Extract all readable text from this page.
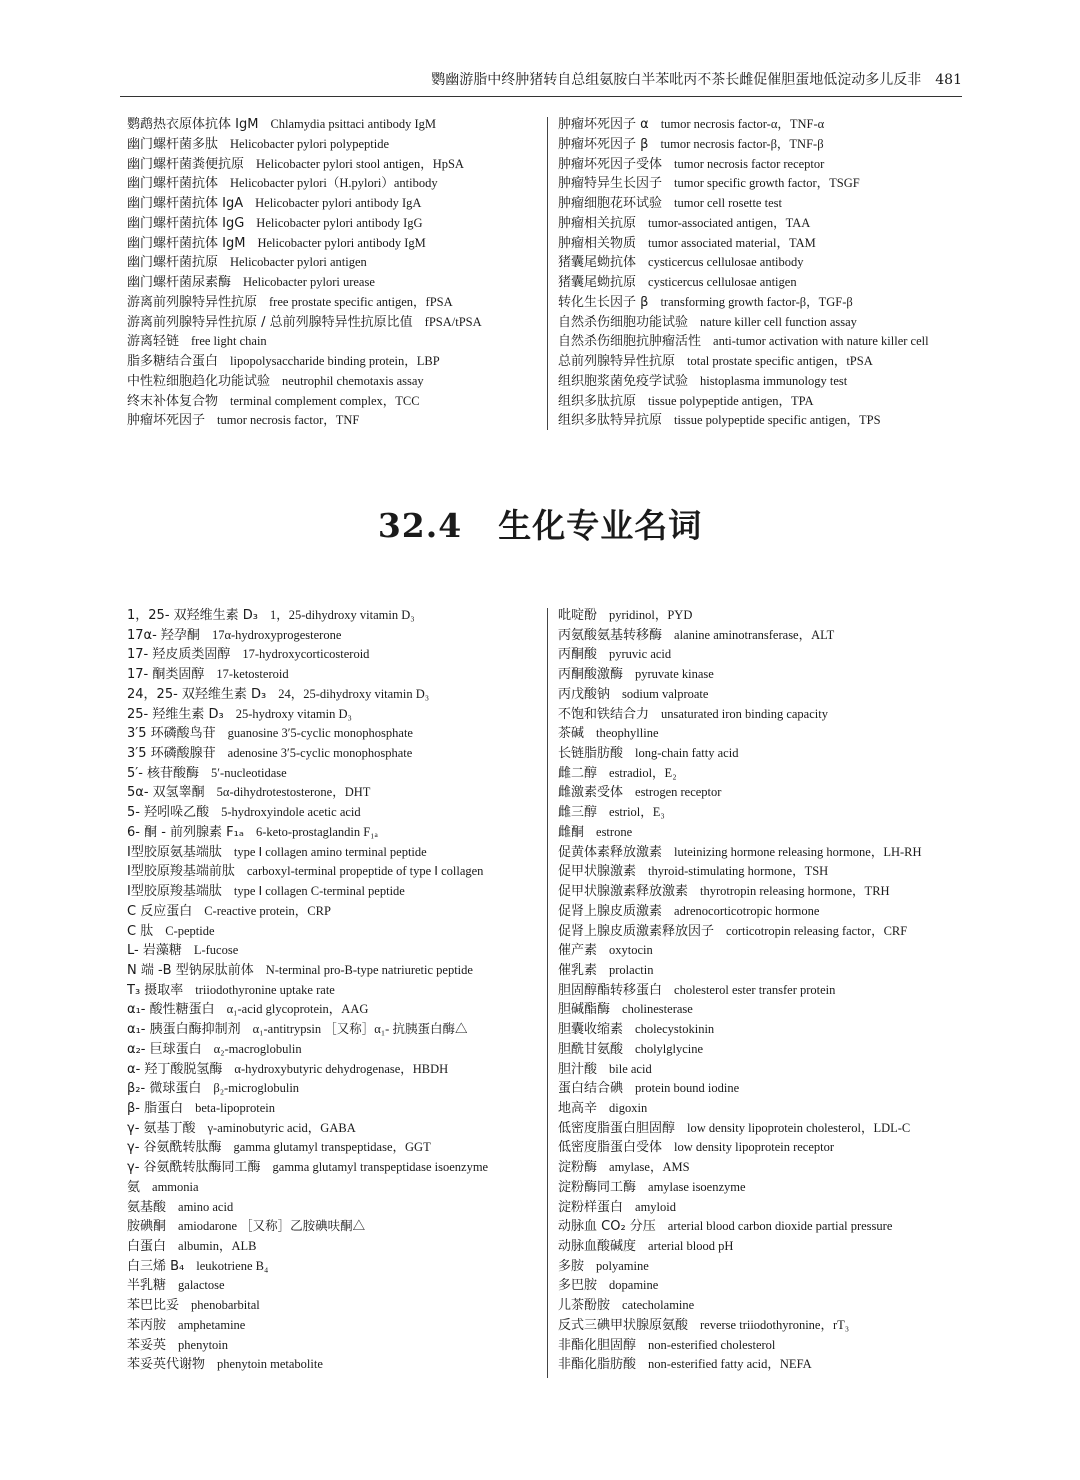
鹦幽游脂中终肿猪转自总组氨胺白半苯吡丙不茶长雌促催胆蛋地低淀动多儿反非 481
鹦鹉热衣原体抗体 IgM Chlamydia psittaci antibody IgM
幽门螺杆菌多肽 Helicobacter pylori polypeptide
幽门螺杆菌粪便抗原 Helicobacter pylori stool antigen，HpSA
幽门螺杆菌抗体 Helicobacter pylori（H.pylori）antibody
幽门螺杆菌抗体 IgA Helicobacter pylori antibody IgA
幽门螺杆菌抗体 IgG Helicobacter pylori antibody IgG
幽门螺杆菌抗体 IgM Helicobacter pylori antibody IgM
幽门螺杆菌抗原 Helicobacter pylori antigen
幽门螺杆菌尿素酶 Helicobacter pylori urease
游离前列腺特异性抗原 free prostate specific antigen，fPSA
游离前列腺特异性抗原 / 总前列腺特异性抗原比值 fPSA/tPSA
游离轻链 free light chain
脂多糖结合蛋白 lipopolysaccharide binding protein，LBP
中性粒细胞趋化功能试验 neutrophil chemotaxis assay
终末补体复合物 terminal complement complex，TCC
肿瘤坏死因子 tumor necrosis factor，TNF
肿瘤坏死因子 α tumor necrosis factor-α，TNF-α
肿瘤坏死因子 β tumor necrosis factor-β，TNF-β
肿瘤坏死因子受体 tumor necrosis factor receptor
肿瘤特异生长因子 tumor specific growth factor，TSGF
肿瘤细胞花环试验 tumor cell rosette test
肿瘤相关抗原 tumor-associated antigen，TAA
肿瘤相关物质 tumor associated material，TAM
猪囊尾蚴抗体 cysticercus cellulosae antibody
猪囊尾蚴抗原 cysticercus cellulosae antigen
转化生长因子 β transforming growth factor-β，TGF-β
自然杀伤细胞功能试验 nature killer cell function assay
自然杀伤细胞抗肿瘤活性 anti-tumor activation with nature killer cell
总前列腺特异性抗原 total prostate specific antigen，tPSA
组织胞浆菌免疫学试验 histoplasma immunology test
组织多肽抗原 tissue polypeptide antigen，TPA
组织多肽特异抗原 tissue polypeptide specific antigen，TPS
32.4 生化专业名词
1，25- 双羟维生素 D₃ 1，25-dihydroxy vitamin D₃
17α- 羟孕酮 17α-hydroxyprogesterone
17- 羟皮质类固醇 17-hydroxycorticosteroid
17- 酮类固醇 17-ketosteroid
24，25- 双羟维生素 D₃ 24，25-dihydroxy vitamin D₃
25- 羟维生素 D₃ 25-hydroxy vitamin D₃
3′5 环磷酸鸟苷 guanosine 3′5-cyclic monophosphate
3′5 环磷酸腺苷 adenosine 3′5-cyclic monophosphate
5′- 核苷酸酶 5′-nucleotidase
5α- 双氢睾酮 5α-dihydrotestosterone，DHT
5- 羟吲哚乙酸 5-hydroxyindole acetic acid
6- 酮 - 前列腺素 F₁ₐ 6-keto-prostaglandin F₁ₐ
Ⅰ型胶原氨基端肽 type Ⅰ collagen amino terminal peptide
Ⅰ型胶原羧基端前肽 carboxyl-terminal propeptide of type Ⅰ collagen
Ⅰ型胶原羧基端肽 type Ⅰ collagen C-terminal peptide
C 反应蛋白 C-reactive protein，CRP
C 肽 C-peptide
L- 岩藻糖 L-fucose
N 端 -B 型钠尿肽前体 N-terminal pro-B-type natriuretic peptide
T₃ 摄取率 triiodothyronine uptake rate
α₁- 酸性糖蛋白 α₁-acid glycoprotein，AAG
α₁- 胰蛋白酶抑制剂 α₁-antitrypsin ［又称］α₁- 抗胰蛋白酶△
α₂- 巨球蛋白 α₂-macroglobulin
α- 羟丁酸脱氢酶 α-hydroxybutyric dehydrogenase，HBDH
β₂- 微球蛋白 β₂-microglobulin
β- 脂蛋白 beta-lipoprotein
γ- 氨基丁酸 γ-aminobutyric acid，GABA
γ- 谷氨酰转肽酶 gamma glutamyl transpeptidase，GGT
γ- 谷氨酰转肽酶同工酶 gamma glutamyl transpeptidase isoenzyme
氨 ammonia
氨基酸 amino acid
胺碘酮 amiodarone ［又称］乙胺碘呋酮△
白蛋白 albumin，ALB
白三烯 B₄ leukotriene B₄
半乳糖 galactose
苯巴比妥 phenobarbital
苯丙胺 amphetamine
苯妥英 phenytoin
苯妥英代谢物 phenytoin metabolite
吡啶酚 pyridinol，PYD
丙氨酸氨基转移酶 alanine aminotransferase，ALT
丙酮酸 pyruvic acid
丙酮酸激酶 pyruvate kinase
丙戊酸钠 sodium valproate
不饱和铁结合力 unsaturated iron binding capacity
茶碱 theophylline
长链脂肪酸 long-chain fatty acid
雌二醇 estradiol，E₂
雌激素受体 estrogen receptor
雌三醇 estriol，E₃
雌酮 estrone
促黄体素释放激素 luteinizing hormone releasing hormone，LH-RH
促甲状腺激素 thyroid-stimulating hormone，TSH
促甲状腺激素释放激素 thyrotropin releasing hormone，TRH
促肾上腺皮质激素 adrenocorticotropic hormone
促肾上腺皮质激素释放因子 corticotropin releasing factor，CRF
催产素 oxytocin
催乳素 prolactin
胆固醇酯转移蛋白 cholesterol ester transfer protein
胆碱酯酶 cholinesterase
胆囊收缩素 cholecystokinin
胆酰甘氨酸 cholylglycine
胆汁酸 bile acid
蛋白结合碘 protein bound iodine
地高辛 digoxin
低密度脂蛋白胆固醇 low density lipoprotein cholesterol，LDL-C
低密度脂蛋白受体 low density lipoprotein receptor
淀粉酶 amylase，AMS
淀粉酶同工酶 amylase isoenzyme
淀粉样蛋白 amyloid
动脉血 CO₂ 分压 arterial blood carbon dioxide partial pressure
动脉血酸碱度 arterial blood pH
多胺 polyamine
多巴胺 dopamine
儿茶酚胺 catecholamine
反式三碘甲状腺原氨酸 reverse triiodothyronine，rT₃
非酯化胆固醇 non-esterified cholesterol
非酯化脂肪酸 non-esterified fatty acid，NEFA
